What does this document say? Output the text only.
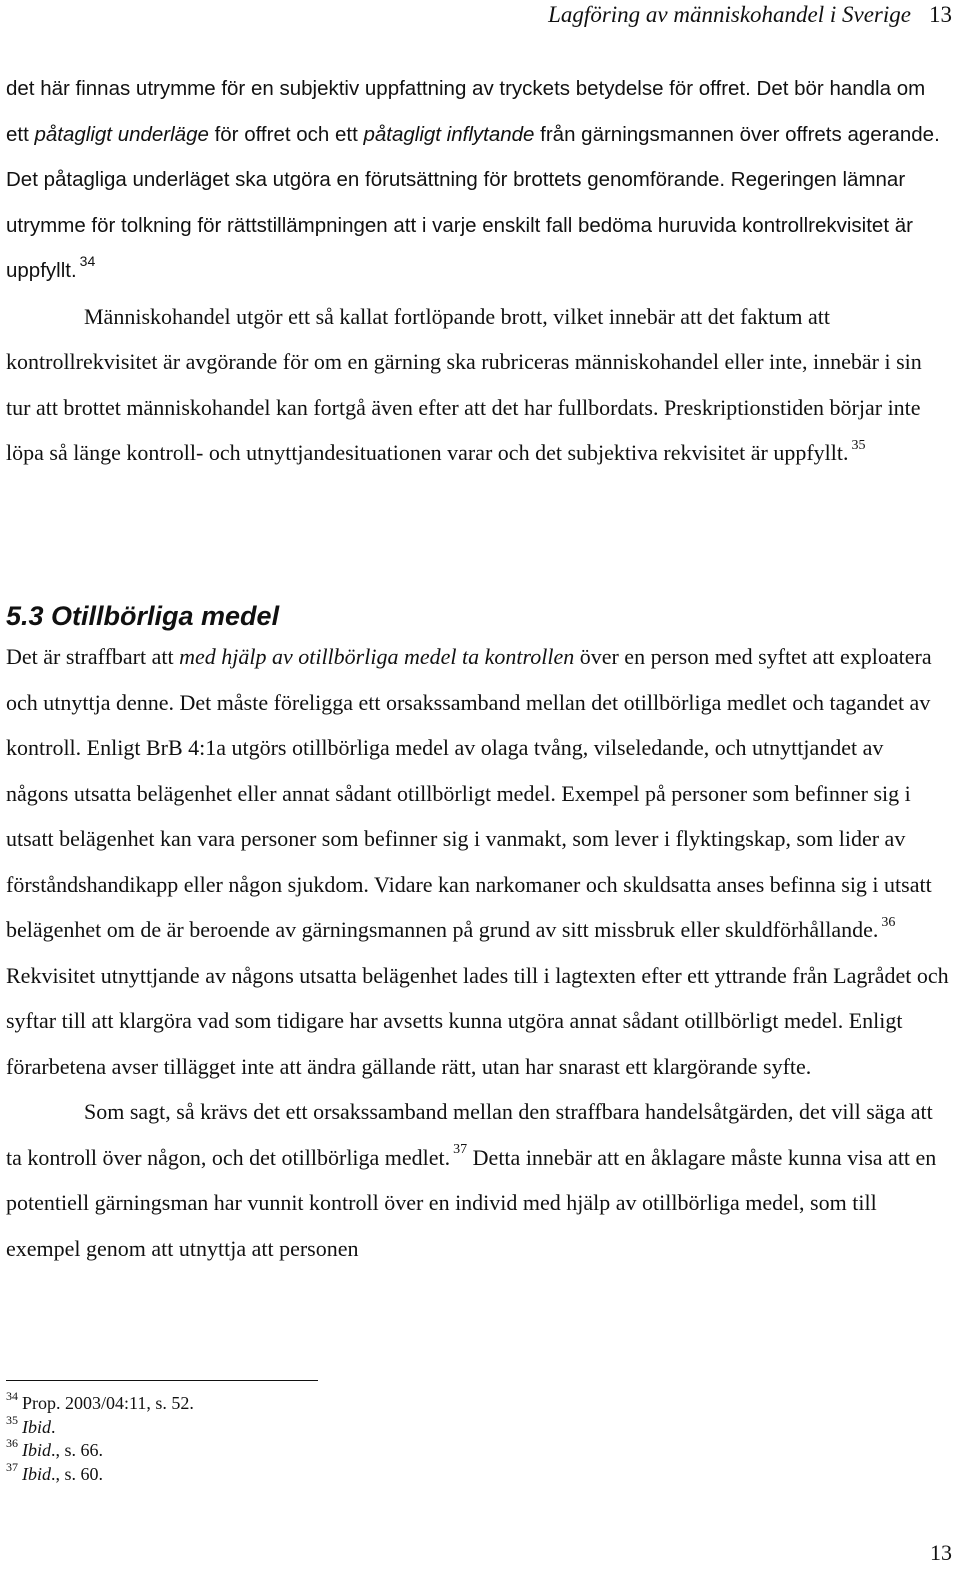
Lagföring av människohandel i Sverige 13

det här finnas utrymme för en subjektiv uppfattning av tryckets betydelse för offret. Det bör handla om ett påtagligt underläge för offret och ett påtagligt inflytande från gärningsmannen över offrets agerande. Det påtagliga underläget ska utgöra en förutsättning för brottets genomförande. Regeringen lämnar utrymme för tolkning för rättstillämpningen att i varje enskilt fall bedöma huruvida kontrollrekvisitet är uppfyllt. $^{34}$

Människohandel utgör ett så kallat fortlöpande brott, vilket innebär att det faktum att kontrollrekvisitet är avgörande för om en gärning ska rubriceras människohandel eller inte, innebär i sin tur att brottet människohandel kan fortgå även efter att det har fullbordats. Preskriptionstiden börjar inte löpa så länge kontroll- och utnyttjandesituationen varar och det subjektiva rekvisitet är uppfyllt. $^{35}$

5.3 Otillbörliga medel

Det är straffbart att med hjälp av otillbörliga medel ta kontrollen över en person med syftet att exploatera och utnyttja denne. Det måste föreligga ett orsakssamband mellan det otillbörliga medlet och tagandet av kontroll. Enligt BrB 4:1a utgörs otillbörliga medel av olaga tvång, vilseledande, och utnyttjandet av någons utsatta belägenhet eller annat sådant otillbörligt medel. Exempel på personer som befinner sig i utsatt belägenhet kan vara personer som befinner sig i vanmakt, som lever i flyktingskap, som lider av förståndshandikapp eller någon sjukdom. Vidare kan narkomaner och skuldsatta anses befinna sig i utsatt belägenhet om de är beroende av gärningsmannen på grund av sitt missbruk eller skuldförhållande. $^{36}$ Rekvisitet utnyttjande av någons utsatta belägenhet lades till i lagtexten efter ett yttrande från Lagrådet och syftar till att klargöra vad som tidigare har avsetts kunna utgöra annat sådant otillbörligt medel. Enligt förarbetena avser tillägget inte att ändra gällande rätt, utan har snarast ett klargörande syfte.

Som sagt, så krävs det ett orsakssamband mellan den straffbara handelsåtgärden, det vill säga att ta kontroll över någon, och det otillbörliga medlet. $^{37}$ Detta innebär att en åklagare måste kunna visa att en potentiell gärningsman har vunnit kontroll över en individ med hjälp av otillbörliga medel, som till exempel genom att utnyttja att personen

$^{34}$ Prop. 2003/04:11, s. 52.
$^{35}$ Ibid.
$^{36}$ Ibid., s. 66.
$^{37}$ Ibid., s. 60.
13
